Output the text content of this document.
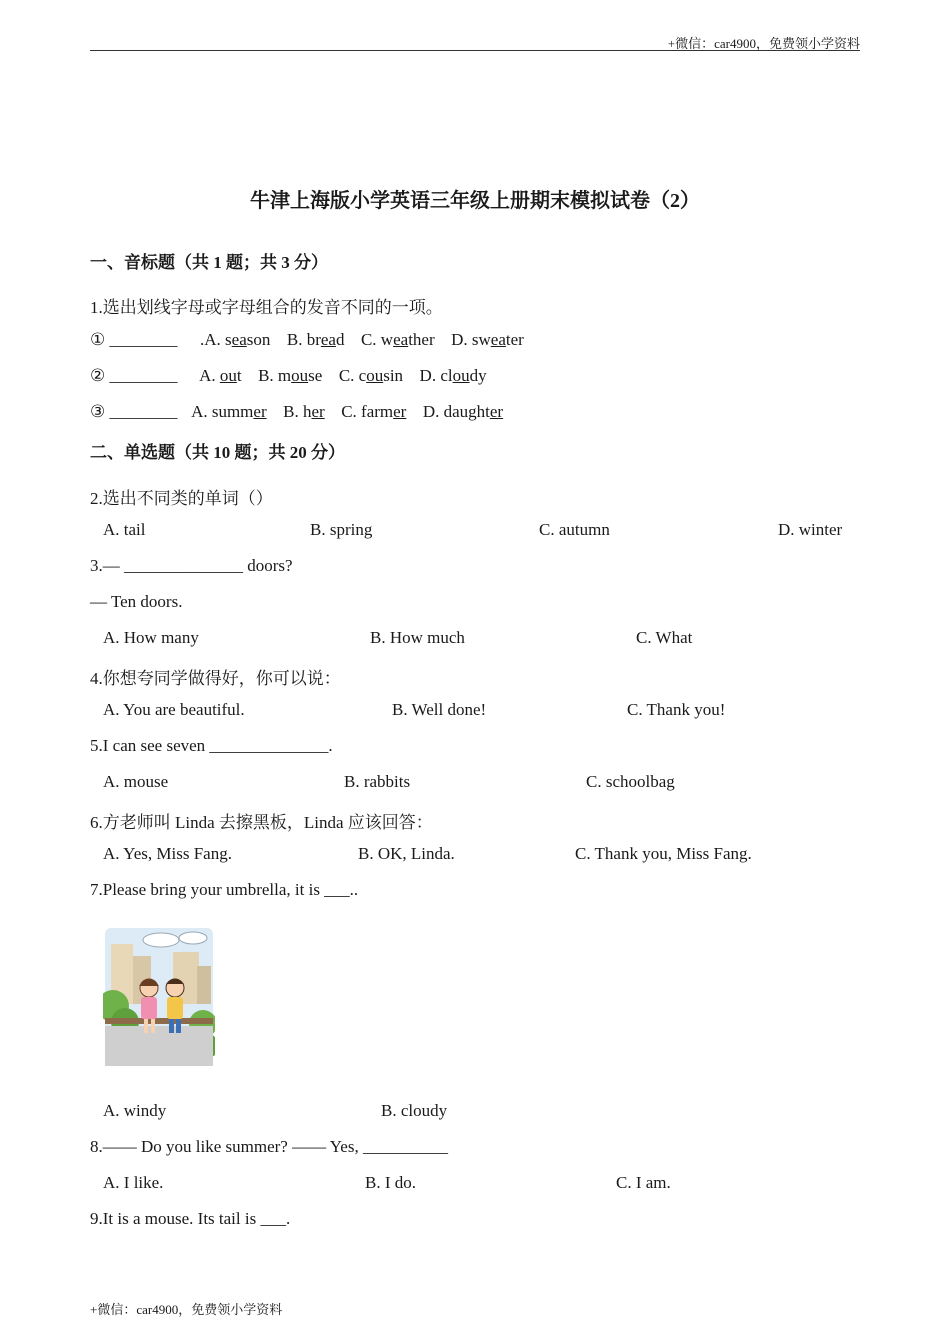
+微信：car4900，免费领小学资料
牛津上海版小学英语三年级上册期末模拟试卷（2）
一、音标题（共 1 题；共 3 分）
1.选出划线字母或字母组合的发音不同的一项。
① ________ .A. season B. bread C. weather D. sweater
② ________ A. out B. mouse C. cousin D. cloudy
③ ________ A. summer B. her C. farmer D. daughter
二、单选题（共 10 题；共 20 分）
2.选出不同类的单词（）
A. tail	B. spring	C. autumn	D. winter
3.— ______________ doors?
— Ten doors.
A. How many	B. How much	C. What
4.你想夸同学做得好，你可以说：
A. You are beautiful.	B. Well done!	C. Thank you!
5.I can see seven ______________.
A. mouse	B. rabbits	C. schoolbag
6.方老师叫 Linda 去擦黑板，Linda 应该回答：
A. Yes, Miss Fang.	B. OK, Linda.	C. Thank you, Miss Fang.
7.Please bring your umbrella, it is ___..
A. windy	B. cloudy
8.—— Do you like summer? —— Yes, __________
A. I like.	B. I do.	C. I am.
9.It is a mouse. Its tail is ___.
+微信：car4900，免费领小学资料
